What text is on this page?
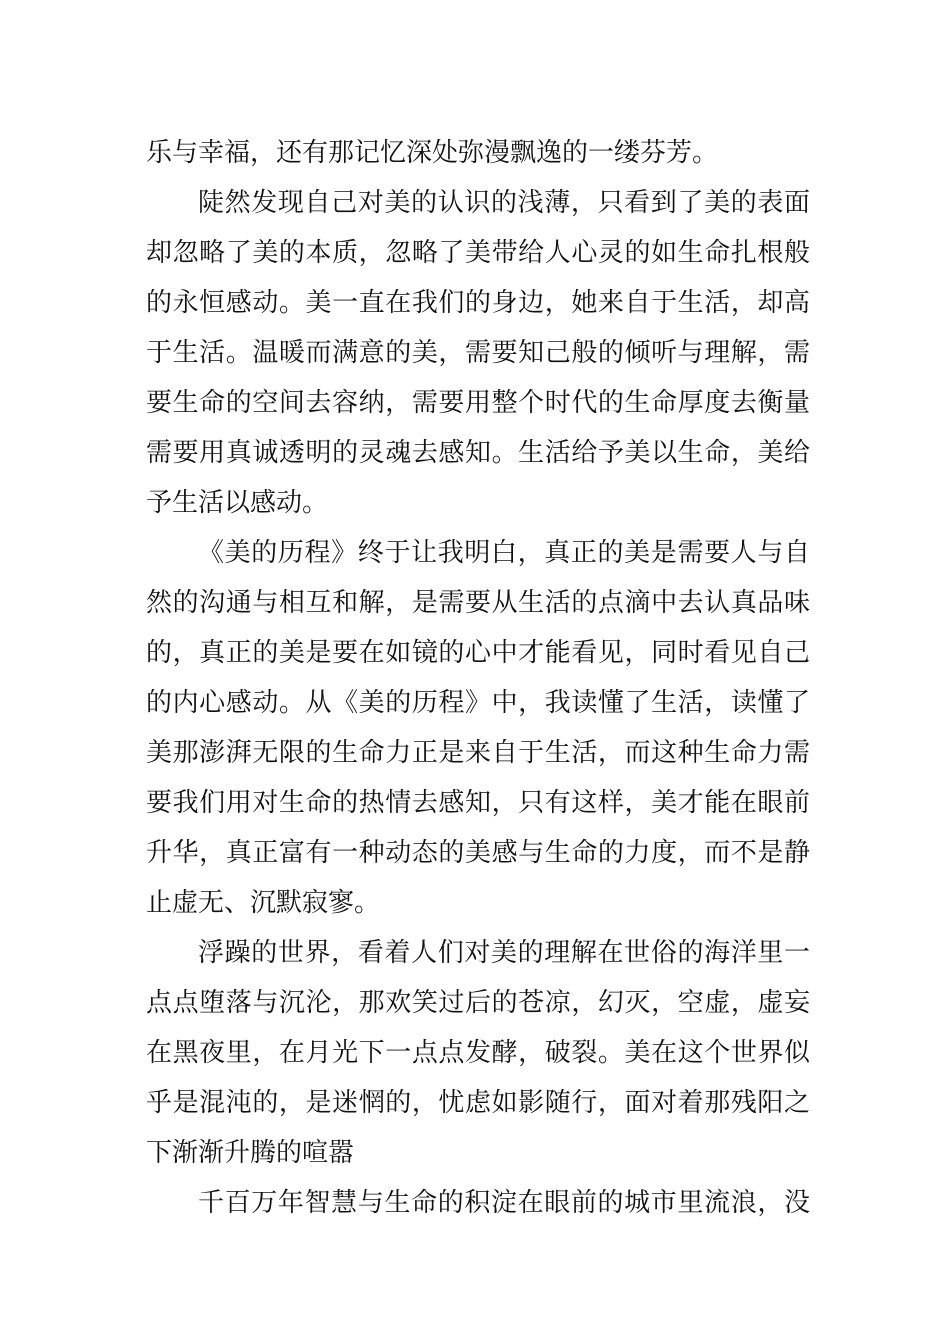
乐与幸福，还有那记忆深处弥漫飘逸的一缕芬芳。
陡然发现自己对美的认识的浅薄，只看到了美的表面
却忽略了美的本质，忽略了美带给人心灵的如生命扎根般
的永恒感动。美一直在我们的身边，她来自于生活，却高
于生活。温暖而满意的美，需要知己般的倾听与理解，需
要生命的空间去容纳，需要用整个时代的生命厚度去衡量
需要用真诚透明的灵魂去感知。生活给予美以生命，美给
予生活以感动。
《美的历程》终于让我明白，真正的美是需要人与自
然的沟通与相互和解，是需要从生活的点滴中去认真品味
的，真正的美是要在如镜的心中才能看见，同时看见自己
的内心感动。从《美的历程》中，我读懂了生活，读懂了
美那澎湃无限的生命力正是来自于生活，而这种生命力需
要我们用对生命的热情去感知，只有这样，美才能在眼前
升华，真正富有一种动态的美感与生命的力度，而不是静
止虚无、沉默寂寥。
浮躁的世界，看着人们对美的理解在世俗的海洋里一
点点堕落与沉沦，那欢笑过后的苍凉，幻灭，空虚，虚妄
在黑夜里，在月光下一点点发酵，破裂。美在这个世界似
乎是混沌的，是迷惘的，忧虑如影随行，面对着那残阳之
下渐渐升腾的喧嚣
千百万年智慧与生命的积淀在眼前的城市里流浪，没
